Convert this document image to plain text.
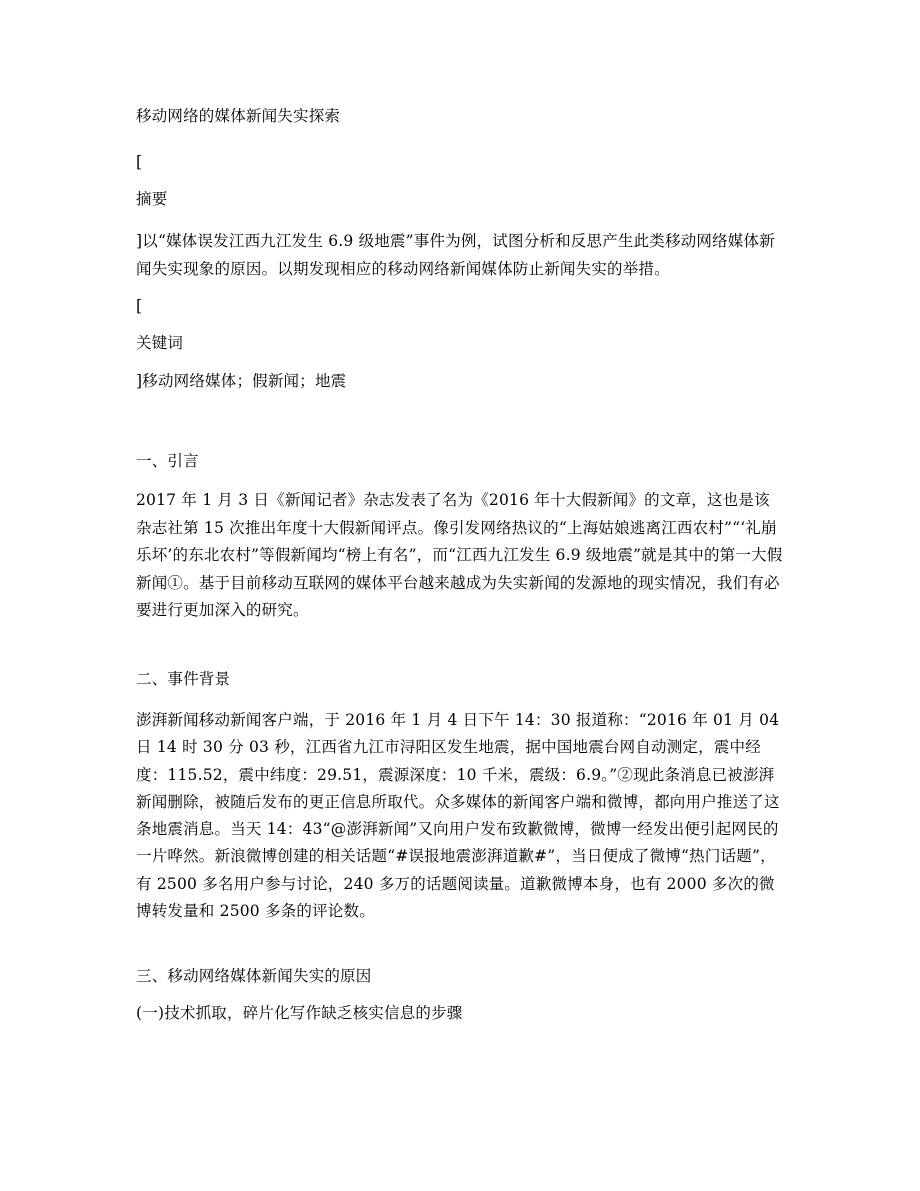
移动网络的媒体新闻失实探索
[
摘要
]以“媒体误发江西九江发生 6.9 级地震”事件为例，试图分析和反思产生此类移动网络媒体新闻失实现象的原因。以期发现相应的移动网络新闻媒体防止新闻失实的举措。
[
关键词
]移动网络媒体；假新闻；地震
一、引言
2017 年 1 月 3 日《新闻记者》杂志发表了名为《2016 年十大假新闻》的文章，这也是该杂志社第 15 次推出年度十大假新闻评点。像引发网络热议的“上海姑娘逃离江西农村”“‘礼崩乐坏’的东北农村”等假新闻均“榜上有名”，而“江西九江发生 6.9 级地震”就是其中的第一大假新闻①。基于目前移动互联网的媒体平台越来越成为失实新闻的发源地的现实情况，我们有必要进行更加深入的研究。
二、事件背景
澎湃新闻移动新闻客户端，于 2016 年 1 月 4 日下午 14：30 报道称：“2016 年 01 月 04 日 14 时 30 分 03 秒，江西省九江市浔阳区发生地震，据中国地震台网自动测定，震中经度：115.52，震中纬度：29.51，震源深度：10 千米，震级：6.9。”②现此条消息已被澎湃新闻删除，被随后发布的更正信息所取代。众多媒体的新闻客户端和微博，都向用户推送了这条地震消息。当天 14：43“@澎湃新闻”又向用户发布致歉微博，微博一经发出便引起网民的一片哗然。新浪微博创建的相关话题“#误报地震澎湃道歉#”，当日便成了微博“热门话题”，有 2500 多名用户参与讨论，240 多万的话题阅读量。道歉微博本身，也有 2000 多次的微博转发量和 2500 多条的评论数。
三、移动网络媒体新闻失实的原因
(一)技术抓取，碎片化写作缺乏核实信息的步骤
